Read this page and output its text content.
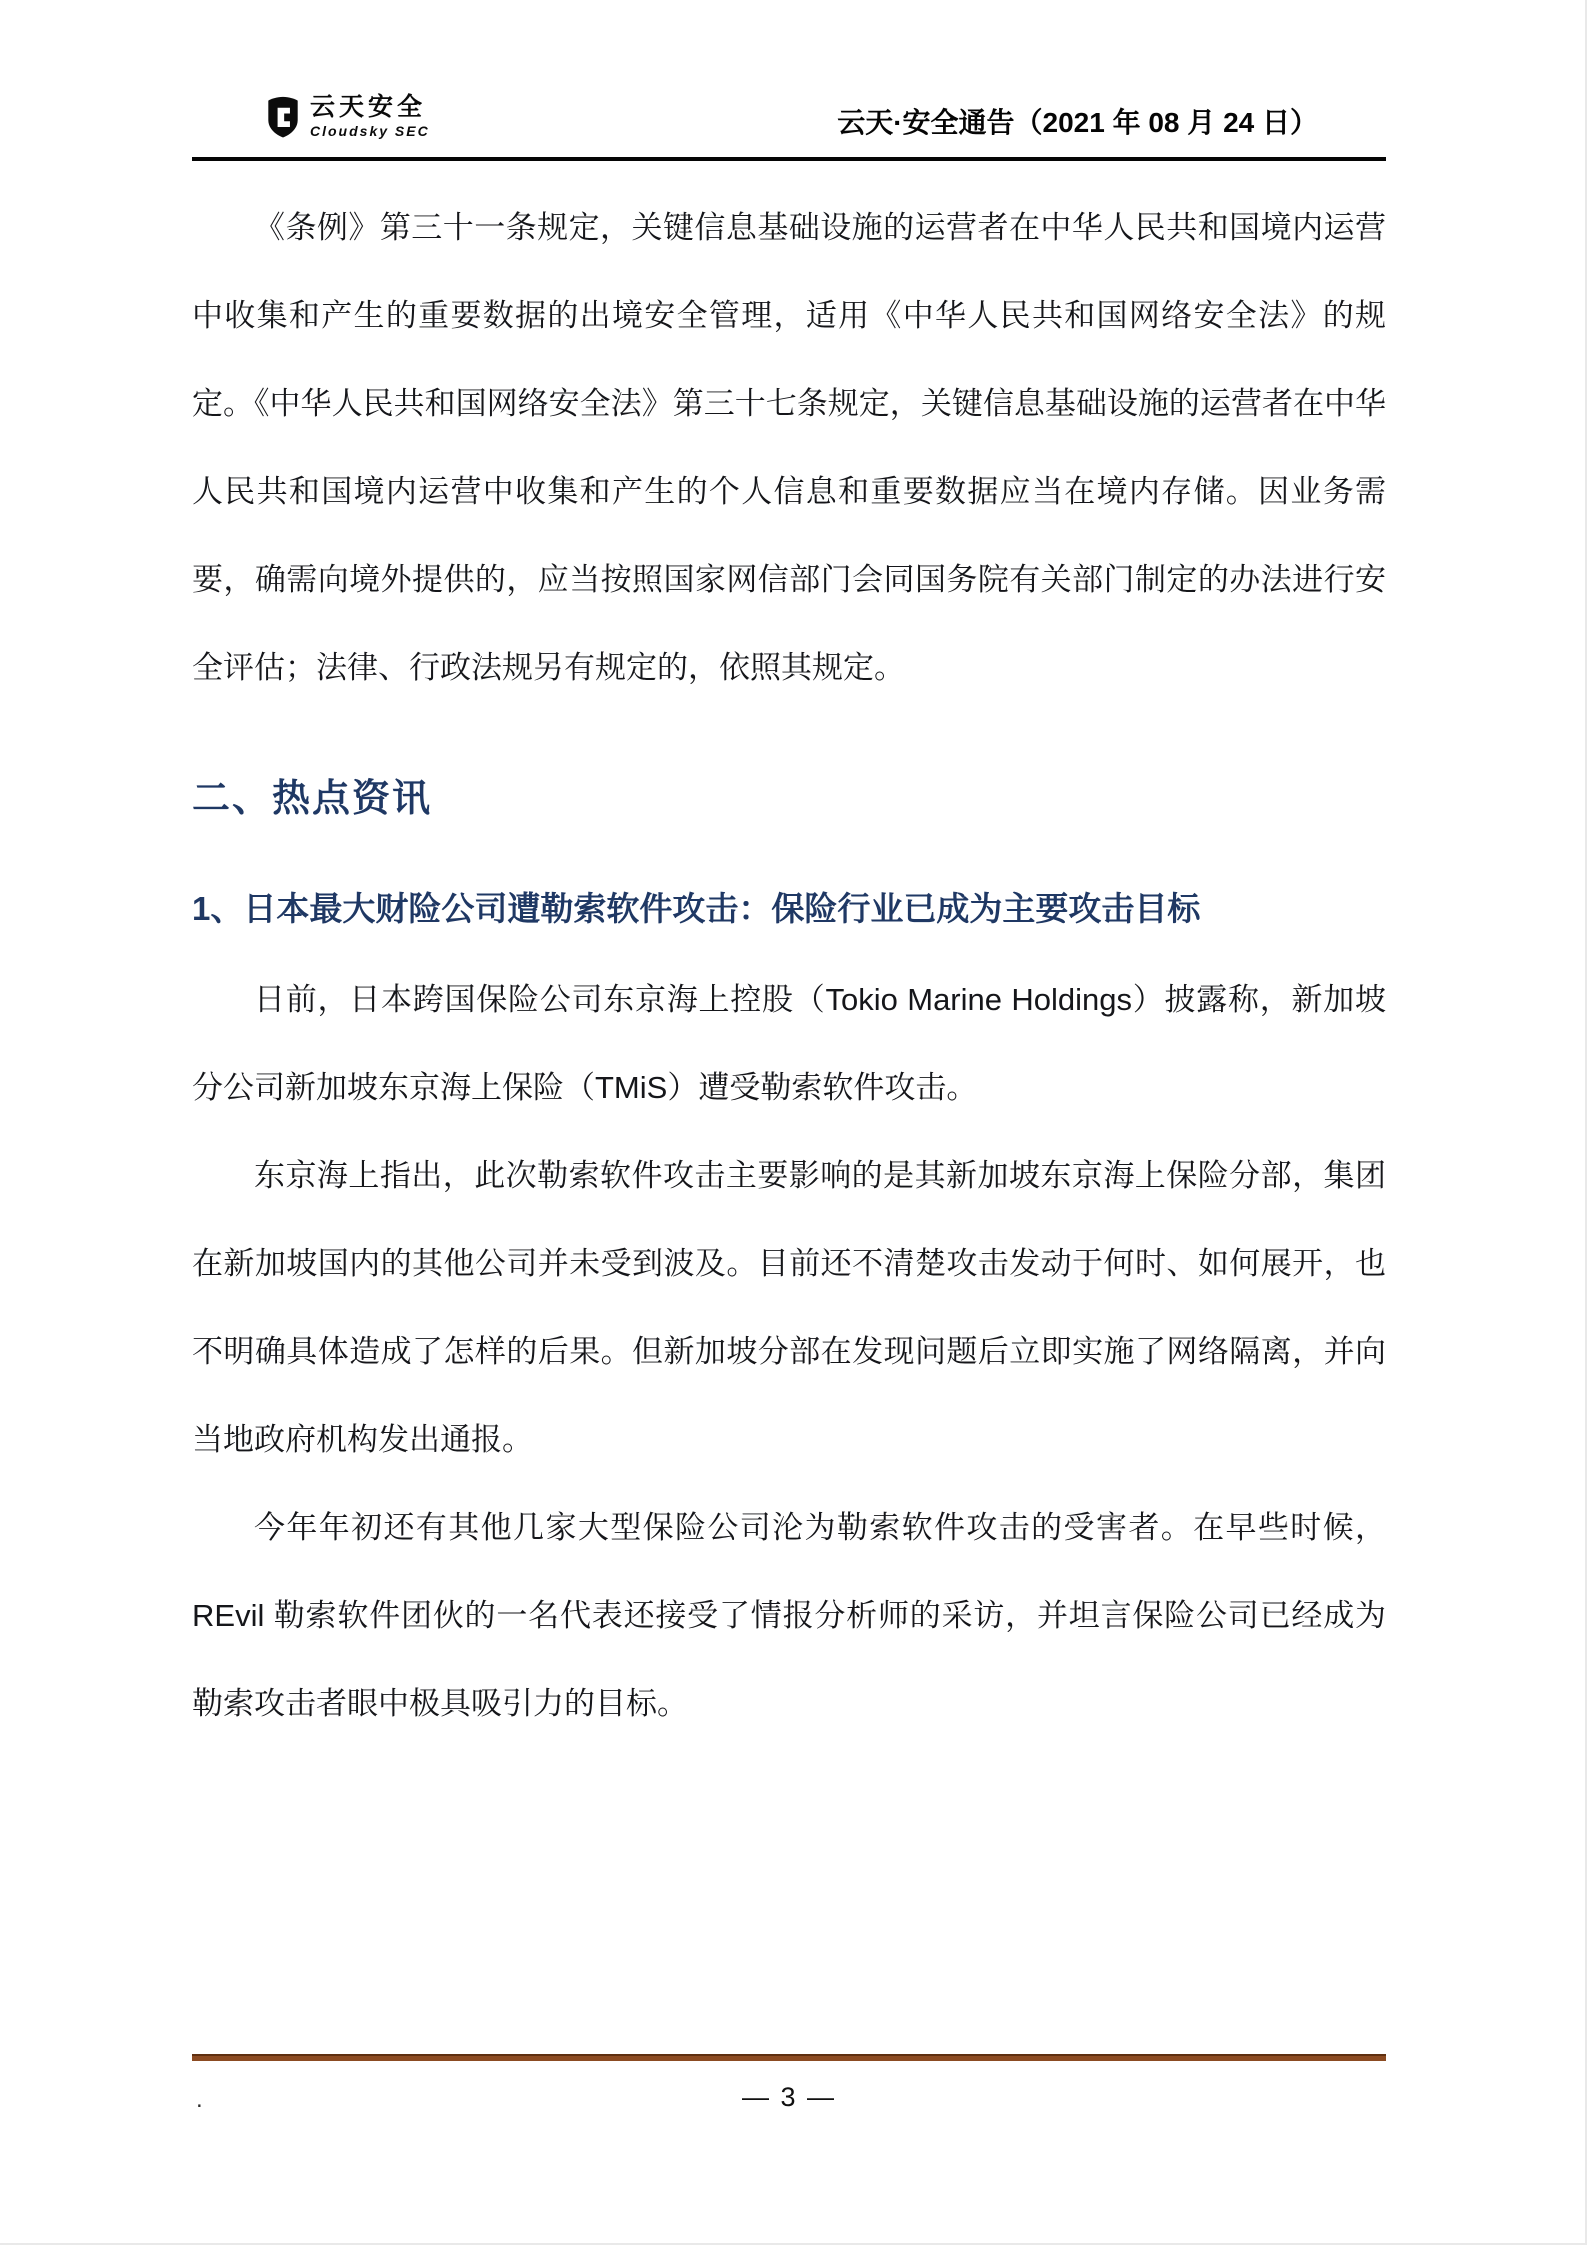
云天安全
Cloudsky SEC	云天·安全通告（2021 年 08 月 24 日）

《条例》第三十一条规定，关键信息基础设施的运营者在中华人民共和国境内运营中收集和产生的重要数据的出境安全管理，适用《中华人民共和国网络安全法》的规定。《中华人民共和国网络安全法》第三十七条规定，关键信息基础设施的运营者在中华人民共和国境内运营中收集和产生的个人信息和重要数据应当在境内存储。因业务需要，确需向境外提供的，应当按照国家网信部门会同国务院有关部门制定的办法进行安全评估；法律、行政法规另有规定的，依照其规定。

二、热点资讯
1、日本最大财险公司遭勒索软件攻击：保险行业已成为主要攻击目标

日前，日本跨国保险公司东京海上控股（Tokio Marine Holdings）披露称，新加坡分公司新加坡东京海上保险（TMiS）遭受勒索软件攻击。

东京海上指出，此次勒索软件攻击主要影响的是其新加坡东京海上保险分部，集团在新加坡国内的其他公司并未受到波及。目前还不清楚攻击发动于何时、如何展开，也不明确具体造成了怎样的后果。但新加坡分部在发现问题后立即实施了网络隔离，并向当地政府机构发出通报。

今年年初还有其他几家大型保险公司沦为勒索软件攻击的受害者。在早些时候，REvil 勒索软件团伙的一名代表还接受了情报分析师的采访，并坦言保险公司已经成为勒索攻击者眼中极具吸引力的目标。

.	— 3 —
